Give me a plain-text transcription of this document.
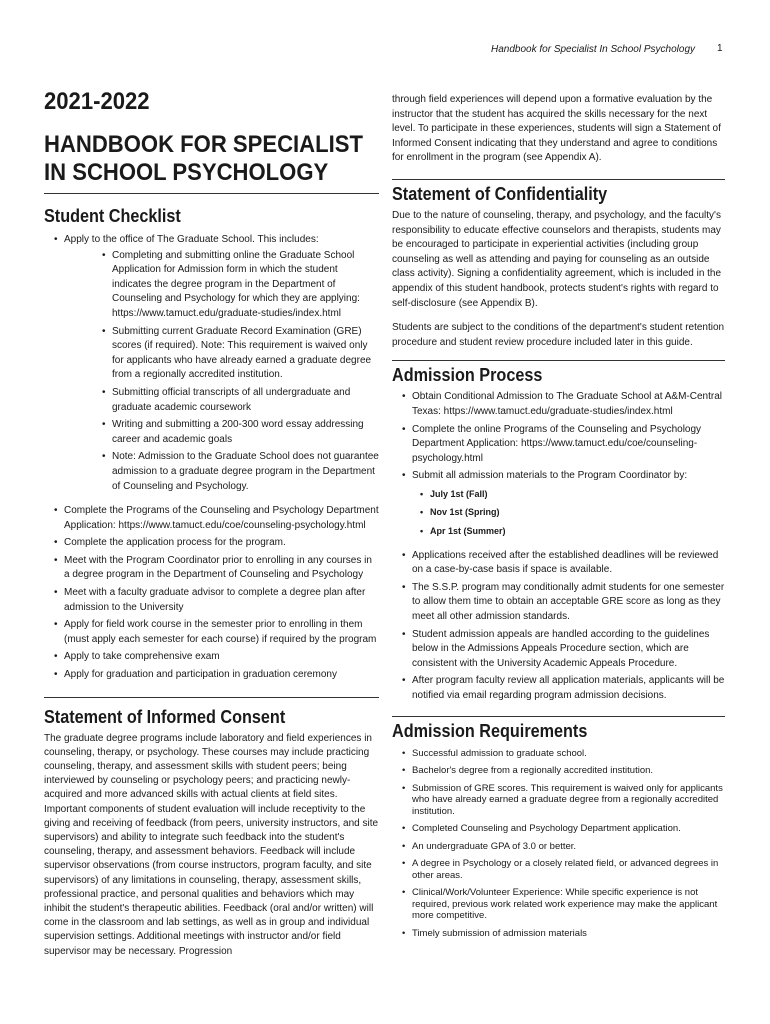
Handbook for Specialist In School Psychology 1
2021-2022
HANDBOOK FOR SPECIALIST
IN SCHOOL PSYCHOLOGY
Student Checklist
• Apply to the office of The Graduate School. This includes:
• Completing and submitting online the Graduate School Application for Admission form in which the student indicates the degree program in the Department of Counseling and Psychology for which they are applying: https://www.tamuct.edu/graduate-studies/index.html
• Submitting current Graduate Record Examination (GRE) scores (if required). Note: This requirement is waived only for applicants who have already earned a graduate degree from a regionally accredited institution.
• Submitting official transcripts of all undergraduate and graduate academic coursework
• Writing and submitting a 200-300 word essay addressing career and academic goals
• Note: Admission to the Graduate School does not guarantee admission to a graduate degree program in the Department of Counseling and Psychology.
• Complete the Programs of the Counseling and Psychology Department Application: https://www.tamuct.edu/coe/counseling-psychology.html
• Complete the application process for the program.
• Meet with the Program Coordinator prior to enrolling in any courses in a degree program in the Department of Counseling and Psychology
• Meet with a faculty graduate advisor to complete a degree plan after admission to the University
• Apply for field work course in the semester prior to enrolling in them (must apply each semester for each course) if required by the program
• Apply to take comprehensive exam
• Apply for graduation and participation in graduation ceremony
Statement of Informed Consent

The graduate degree programs include laboratory and field experiences in counseling, therapy, or psychology. These courses may include practicing counseling, therapy, and assessment skills with student peers; being interviewed by counseling or psychology peers; and practicing newly-acquired and more advanced skills with actual clients at field sites. Important components of student evaluation will include receptivity to the giving and receiving of feedback (from peers, university instructors, and site supervisors) and ability to integrate such feedback into the student's counseling, therapy, and assessment behaviors. Feedback will include supervisor observations (from course instructors, program faculty, and site supervisors) of any limitations in counseling, therapy, assessment skills, professional practice, and personal qualities and behaviors which may inhibit the student's therapeutic abilities. Feedback (oral and/or written) will come in the classroom and lab settings, as well as in group and individual supervision settings. Additional meetings with instructor and/or field supervisor may be necessary. Progression

through field experiences will depend upon a formative evaluation by the instructor that the student has acquired the skills necessary for the next level. To participate in these experiences, students will sign a Statement of Informed Consent indicating that they understand and agree to conditions for enrollment in the program (see Appendix A).

Statement of Confidentiality

Due to the nature of counseling, therapy, and psychology, and the faculty's responsibility to educate effective counselors and therapists, students may be encouraged to participate in experiential activities (including group counseling as well as attending and paying for counseling as an outside class activity). Signing a confidentiality agreement, which is included in the appendix of this student handbook, protects student's rights with regard to self-disclosure (see Appendix B).

Students are subject to the conditions of the department's student retention procedure and student review procedure included later in this guide.

Admission Process
• Obtain Conditional Admission to The Graduate School at A&M-Central Texas: https://www.tamuct.edu/graduate-studies/index.html
• Complete the online Programs of the Counseling and Psychology Department Application: https://www.tamuct.edu/coe/counseling-psychology.html
• Submit all admission materials to the Program Coordinator by:
• July 1st (Fall)
• Nov 1st (Spring)
• Apr 1st (Summer)
• Applications received after the established deadlines will be reviewed on a case-by-case basis if space is available.
• The S.S.P. program may conditionally admit students for one semester to allow them time to obtain an acceptable GRE score as long as they meet all other admission standards.
• Student admission appeals are handled according to the guidelines below in the Admissions Appeals Procedure section, which are consistent with the University Academic Appeals Procedure.
• After program faculty review all application materials, applicants will be notified via email regarding program admission decisions.
Admission Requirements
• Successful admission to graduate school.
• Bachelor's degree from a regionally accredited institution.
• Submission of GRE scores. This requirement is waived only for applicants who have already earned a graduate degree from a regionally accredited institution.
• Completed Counseling and Psychology Department application.
• An undergraduate GPA of 3.0 or better.
• A degree in Psychology or a closely related field, or advanced degrees in other areas.
• Clinical/Work/Volunteer Experience: While specific experience is not required, previous work related work experience may make the applicant more competitive.
• Timely submission of admission materials
